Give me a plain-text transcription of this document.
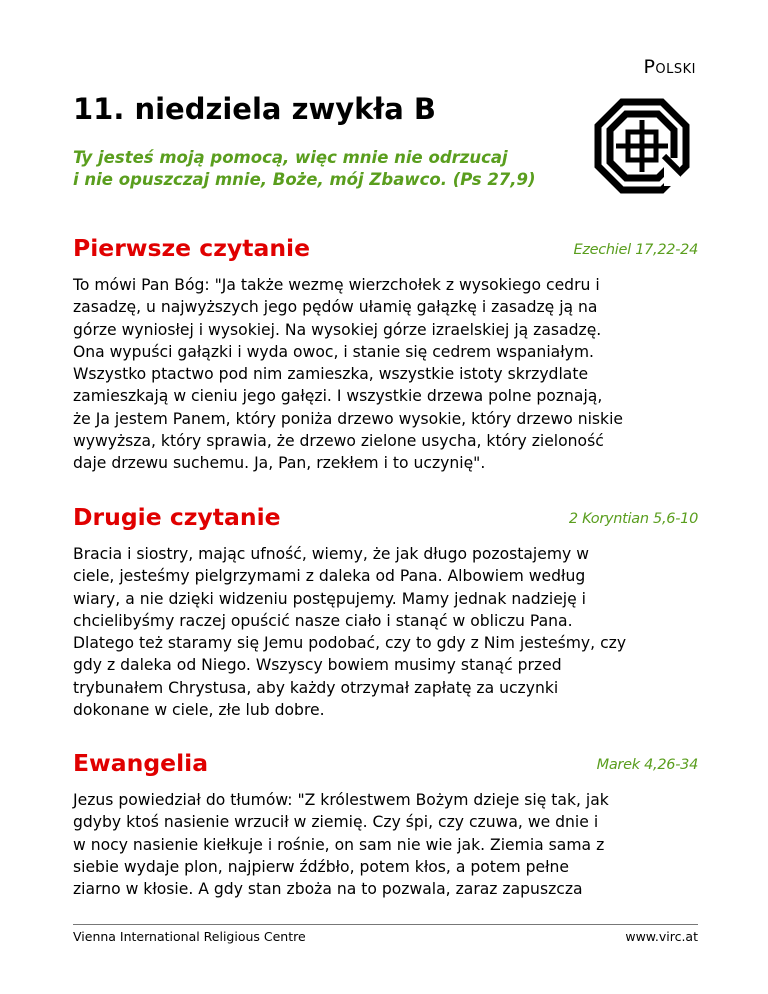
Polski
11. niedziela zwykła B
Ty jesteś moją pomocą, więc mnie nie odrzucaj
i nie opuszczaj mnie, Boże, mój Zbawco. (Ps 27,9)
Pierwsze czytanie	Ezechiel 17,22-24
To mówi Pan Bóg: "Ja także wezmę wierzchołek z wysokiego cedru i
zasadzę, u najwyższych jego pędów ułamię gałązkę i zasadzę ją na
górze wyniosłej i wysokiej. Na wysokiej górze izraelskiej ją zasadzę.
Ona wypuści gałązki i wyda owoc, i stanie się cedrem wspaniałym.
Wszystko ptactwo pod nim zamieszka, wszystkie istoty skrzydlate
zamieszkają w cieniu jego gałęzi. I wszystkie drzewa polne poznają,
że Ja jestem Panem, który poniża drzewo wysokie, który drzewo niskie
wywyższa, który sprawia, że drzewo zielone usycha, który zieloność
daje drzewu suchemu. Ja, Pan, rzekłem i to uczynię".
Drugie czytanie	2 Koryntian 5,6-10
Bracia i siostry, mając ufność, wiemy, że jak długo pozostajemy w
ciele, jesteśmy pielgrzymami z daleka od Pana. Albowiem według
wiary, a nie dzięki widzeniu postępujemy. Mamy jednak nadzieję i
chcielibyśmy raczej opuścić nasze ciało i stanąć w obliczu Pana.
Dlatego też staramy się Jemu podobać, czy to gdy z Nim jesteśmy, czy
gdy z daleka od Niego. Wszyscy bowiem musimy stanąć przed
trybunałem Chrystusa, aby każdy otrzymał zapłatę za uczynki
dokonane w ciele, złe lub dobre.
Ewangelia	Marek 4,26-34
Jezus powiedział do tłumów: "Z królestwem Bożym dzieje się tak, jak
gdyby ktoś nasienie wrzucił w ziemię. Czy śpi, czy czuwa, we dnie i
w nocy nasienie kiełkuje i rośnie, on sam nie wie jak. Ziemia sama z
siebie wydaje plon, najpierw źdźbło, potem kłos, a potem pełne
ziarno w kłosie. A gdy stan zboża na to pozwala, zaraz zapuszcza
Vienna International Religious Centre	www.virc.at
